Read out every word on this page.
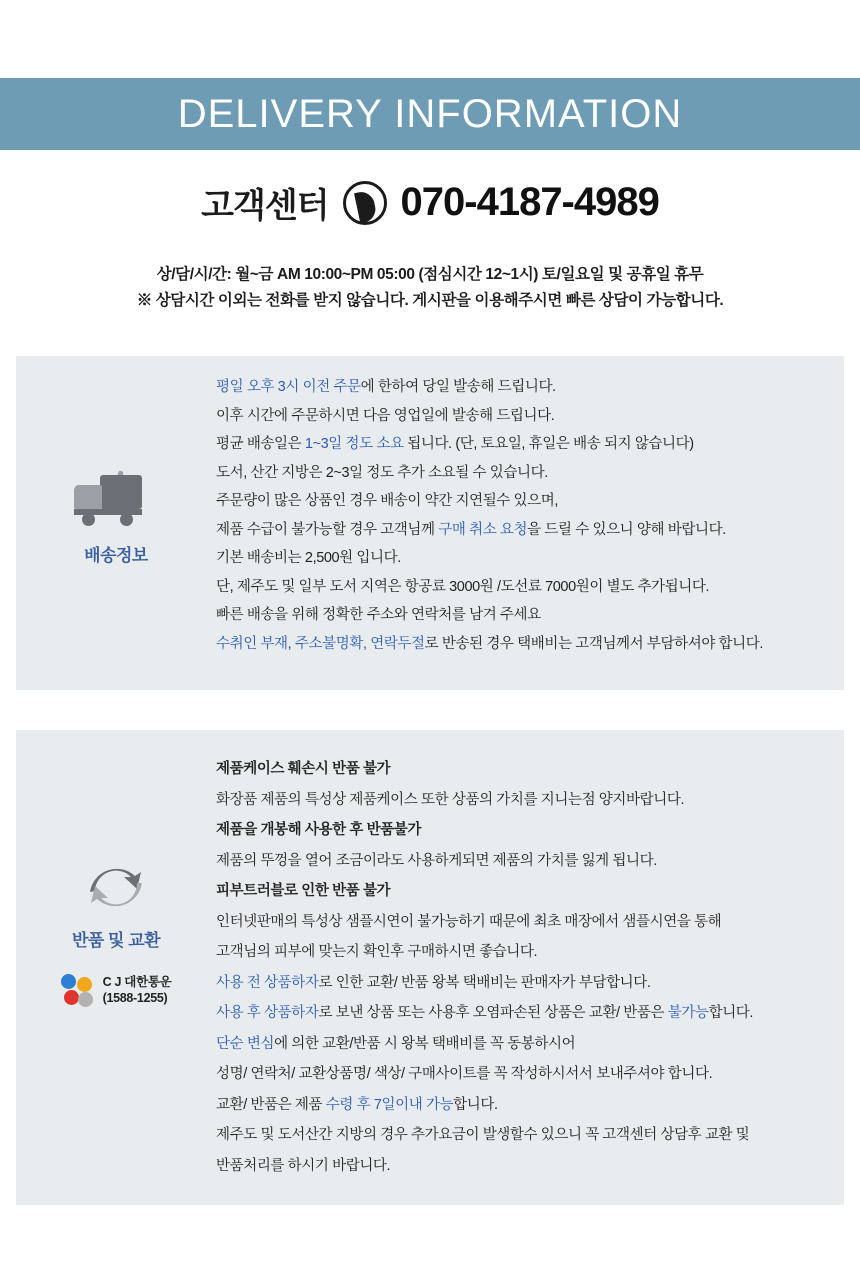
DELIVERY INFORMATION
고객센터 070-4187-4989
상/담/시/간: 월~금 AM 10:00~PM 05:00 (점심시간 12~1시) 토/일요일 및 공휴일 휴무
※ 상담시간 이외는 전화를 받지 않습니다. 게시판을 이용해주시면 빠른 상담이 가능합니다.
배송정보

평일 오후 3시 이전 주문에 한하여 당일 발송해 드립니다.

이후 시간에 주문하시면 다음 영업일에 발송해 드립니다.

평균 배송일은 1~3일 정도 소요 됩니다. (단, 토요일, 휴일은 배송 되지 않습니다)

도서, 산간 지방은 2~3일 정도 추가 소요될 수 있습니다.

주문량이 많은 상품인 경우 배송이 약간 지연될수 있으며,

제품 수급이 불가능할 경우 고객님께 구매 취소 요청을 드릴 수 있으니 양해 바랍니다.

기본 배송비는 2,500원 입니다.

단, 제주도 및 일부 도서 지역은 항공료 3000원 /도선료 7000원이 별도 추가됩니다.

빠른 배송을 위해 정확한 주소와 연락처를 남겨 주세요

수취인 부재, 주소불명확, 연락두절로 반송된 경우 택배비는 고객님께서 부담하셔야 합니다.

반품 및 교환
C J 대한통운
(1588-1255)

제품케이스 훼손시 반품 불가

화장품 제품의 특성상 제품케이스 또한 상품의 가치를 지니는점 양지바랍니다.

제품을 개봉해 사용한 후 반품불가

제품의 뚜껑을 열어 조금이라도 사용하게되면 제품의 가치를 잃게 됩니다.

피부트러블로 인한 반품 불가

인터넷판매의 특성상 샘플시연이 불가능하기 때문에 최초 매장에서 샘플시연을 통해

고객님의 피부에 맞는지 확인후 구매하시면 좋습니다.

사용 전 상품하자로 인한 교환/ 반품 왕복 택배비는 판매자가 부담합니다.

사용 후 상품하자로 보낸 상품 또는 사용후 오염파손된 상품은 교환/ 반품은 불가능합니다.

단순 변심에 의한 교환/반품 시 왕복 택배비를 꼭 동봉하시어

성명/ 연락처/ 교환상품명/ 색상/ 구매사이트를 꼭 작성하시서서 보내주셔야 합니다.

교환/ 반품은 제품 수령 후 7일이내 가능합니다.

제주도 및 도서산간 지방의 경우 추가요금이 발생할수 있으니 꼭 고객센터 상담후 교환 및

반품처리를 하시기 바랍니다.
